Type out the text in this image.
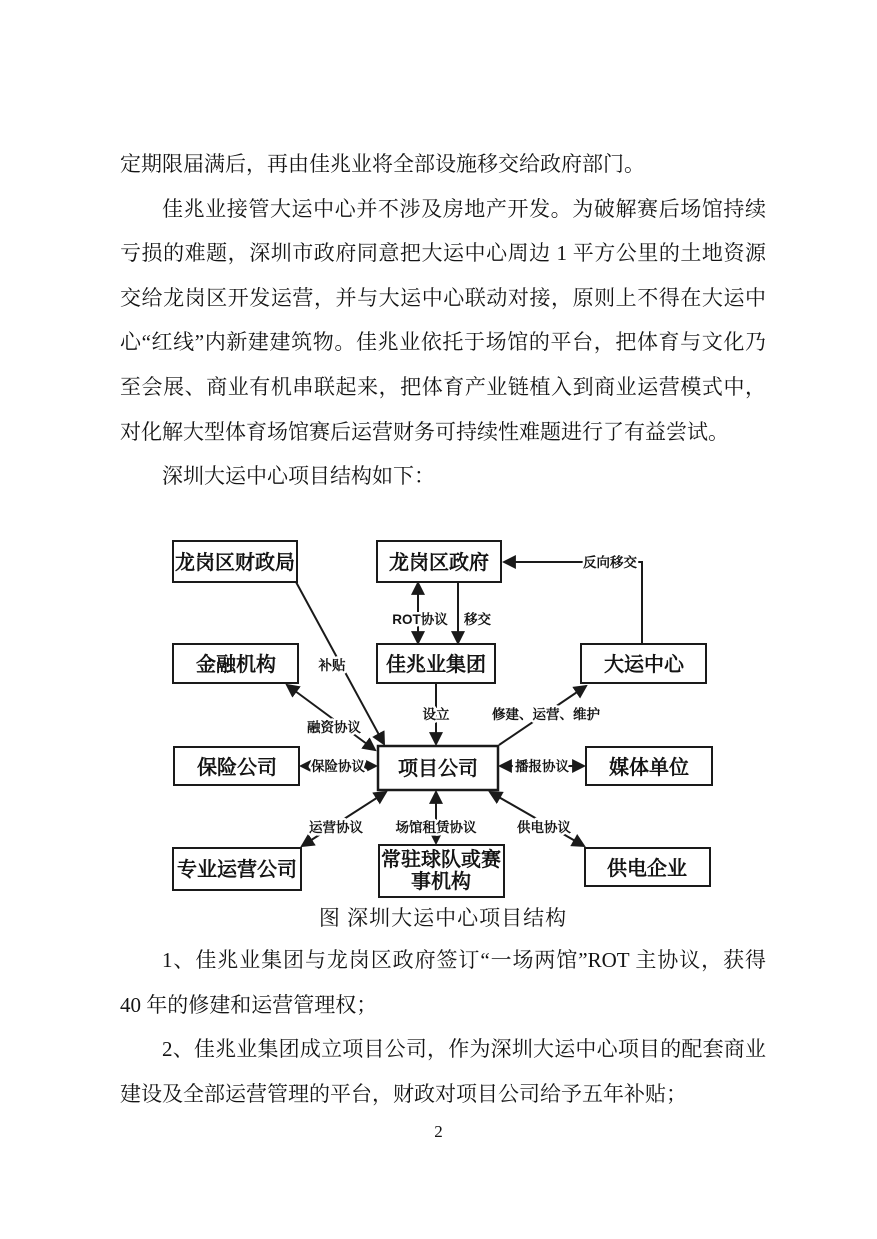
定期限届满后，再由佳兆业将全部设施移交给政府部门。

佳兆业接管大运中心并不涉及房地产开发。为破解赛后场馆持续亏损的难题，深圳市政府同意把大运中心周边 1 平方公里的土地资源交给龙岗区开发运营，并与大运中心联动对接，原则上不得在大运中心“红线”内新建建筑物。佳兆业依托于场馆的平台，把体育与文化乃至会展、商业有机串联起来，把体育产业链植入到商业运营模式中，对化解大型体育场馆赛后运营财务可持续性难题进行了有益尝试。

深圳大运中心项目结构如下：

ROT协议 移交
反向移交
补贴
设立	修建、运营、维护
融资协议
保险协议	播报协议
运营协议 场馆租赁协议	供电协议
龙岗区财政局	龙岗区政府
金融机构	佳兆业集团	大运中心
保险公司	项目公司	媒体单位
专业运营公司	常驻球队或赛
事机构
供电企业
图 深圳大运中心项目结构

1、佳兆业集团与龙岗区政府签订“一场两馆”ROT 主协议，获得 40 年的修建和运营管理权；

2、佳兆业集团成立项目公司，作为深圳大运中心项目的配套商业建设及全部运营管理的平台，财政对项目公司给予五年补贴；

2
